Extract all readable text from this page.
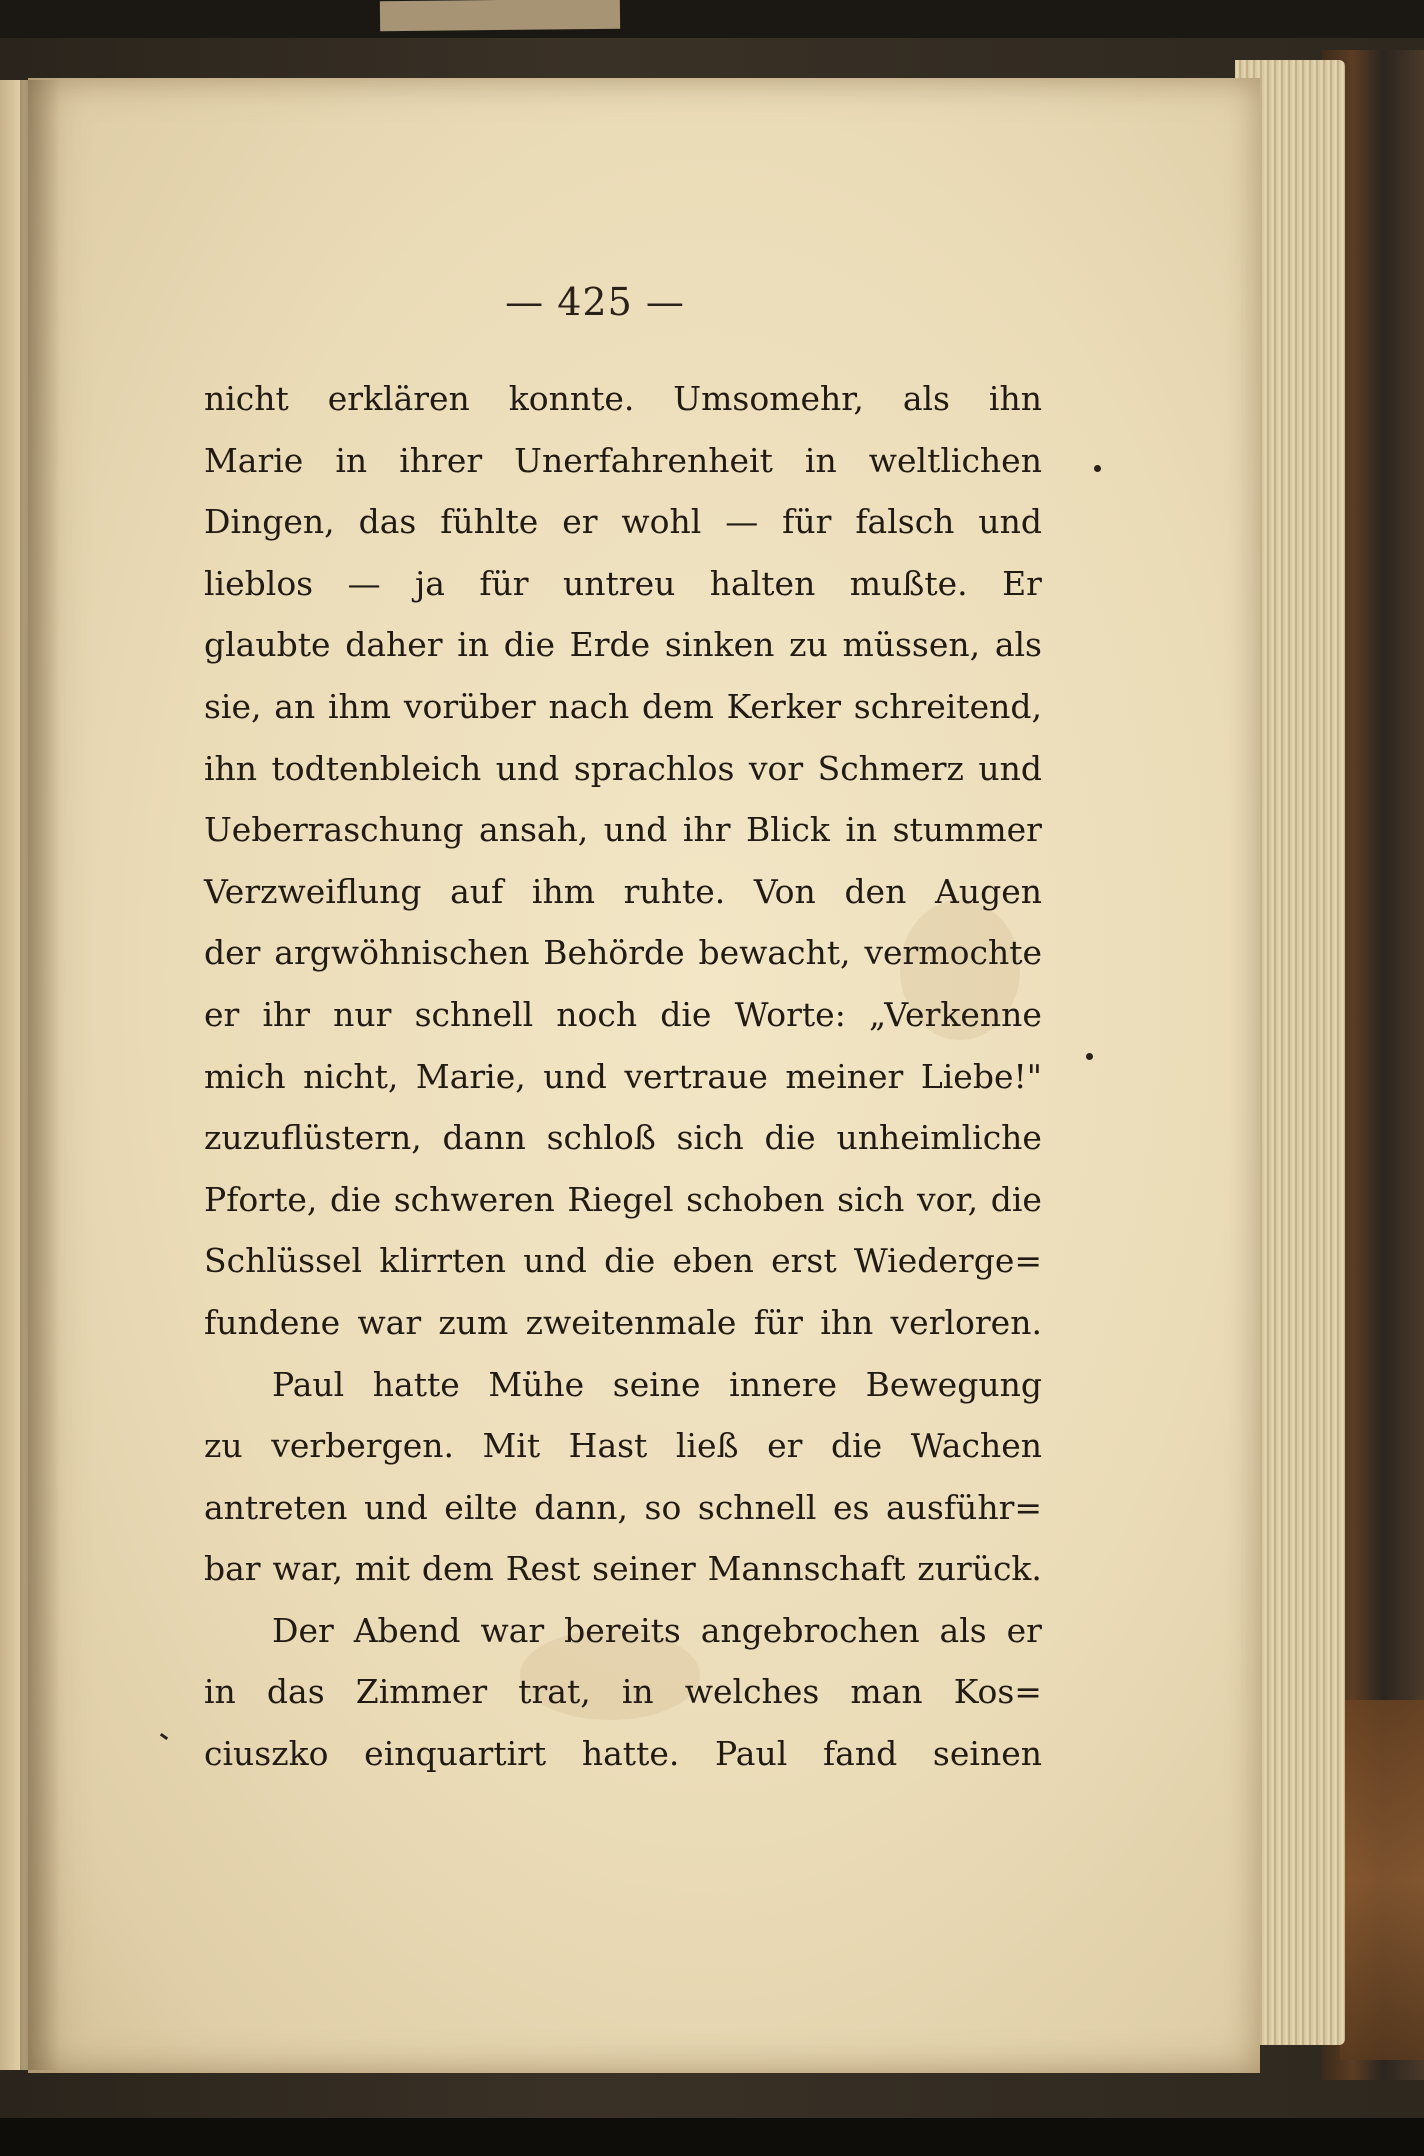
— 425 —
nicht erklären konnte. Umsomehr, als ihn
Marie in ihrer Unerfahrenheit in weltlichen
Dingen, das fühlte er wohl — für falsch und
lieblos — ja für untreu halten mußte. Er
glaubte daher in die Erde sinken zu müssen, als
sie, an ihm vorüber nach dem Kerker schreitend,
ihn todtenbleich und sprachlos vor Schmerz und
Ueberraschung ansah, und ihr Blick in stummer
Verzweiflung auf ihm ruhte. Von den Augen
der argwöhnischen Behörde bewacht, vermochte
er ihr nur schnell noch die Worte: „Verkenne
mich nicht, Marie, und vertraue meiner Liebe!"
zuzuflüstern, dann schloß sich die unheimliche
Pforte, die schweren Riegel schoben sich vor, die
Schlüssel klirrten und die eben erst Wiederge=
fundene war zum zweitenmale für ihn verloren.
Paul hatte Mühe seine innere Bewegung
zu verbergen. Mit Hast ließ er die Wachen
antreten und eilte dann, so schnell es ausführ=
bar war, mit dem Rest seiner Mannschaft zurück.
Der Abend war bereits angebrochen als er
in das Zimmer trat, in welches man Kos=
ciuszko einquartirt hatte. Paul fand seinen
